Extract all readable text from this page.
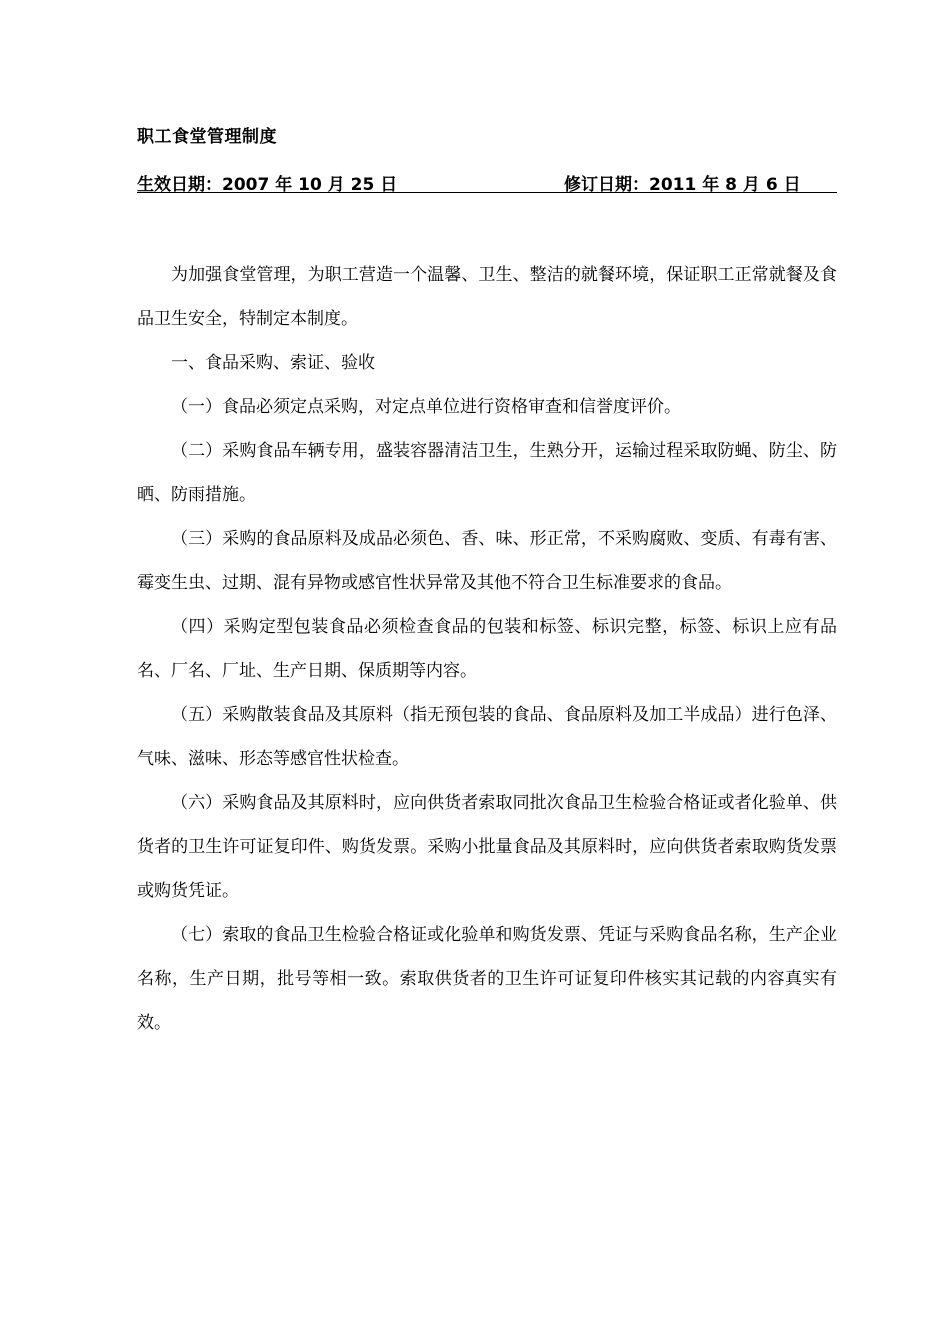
职工食堂管理制度
生效日期：2007 年 10 月 25 日	修订日期：2011 年 8 月 6 日

为加强食堂管理，为职工营造一个温馨、卫生、整洁的就餐环境，保证职工正常就餐及食品卫生安全，特制定本制度。

一、食品采购、索证、验收

（一）食品必须定点采购，对定点单位进行资格审查和信誉度评价。

（二）采购食品车辆专用，盛装容器清洁卫生，生熟分开，运输过程采取防蝇、防尘、防晒、防雨措施。

（三）采购的食品原料及成品必须色、香、味、形正常，不采购腐败、变质、有毒有害、霉变生虫、过期、混有异物或感官性状异常及其他不符合卫生标准要求的食品。

（四）采购定型包装食品必须检查食品的包装和标签、标识完整，标签、标识上应有品名、厂名、厂址、生产日期、保质期等内容。

（五）采购散装食品及其原料（指无预包装的食品、食品原料及加工半成品）进行色泽、气味、滋味、形态等感官性状检查。

（六）采购食品及其原料时，应向供货者索取同批次食品卫生检验合格证或者化验单、供货者的卫生许可证复印件、购货发票。采购小批量食品及其原料时，应向供货者索取购货发票或购货凭证。

（七）索取的食品卫生检验合格证或化验单和购货发票、凭证与采购食品名称，生产企业名称，生产日期，批号等相一致。索取供货者的卫生许可证复印件核实其记载的内容真实有效。
